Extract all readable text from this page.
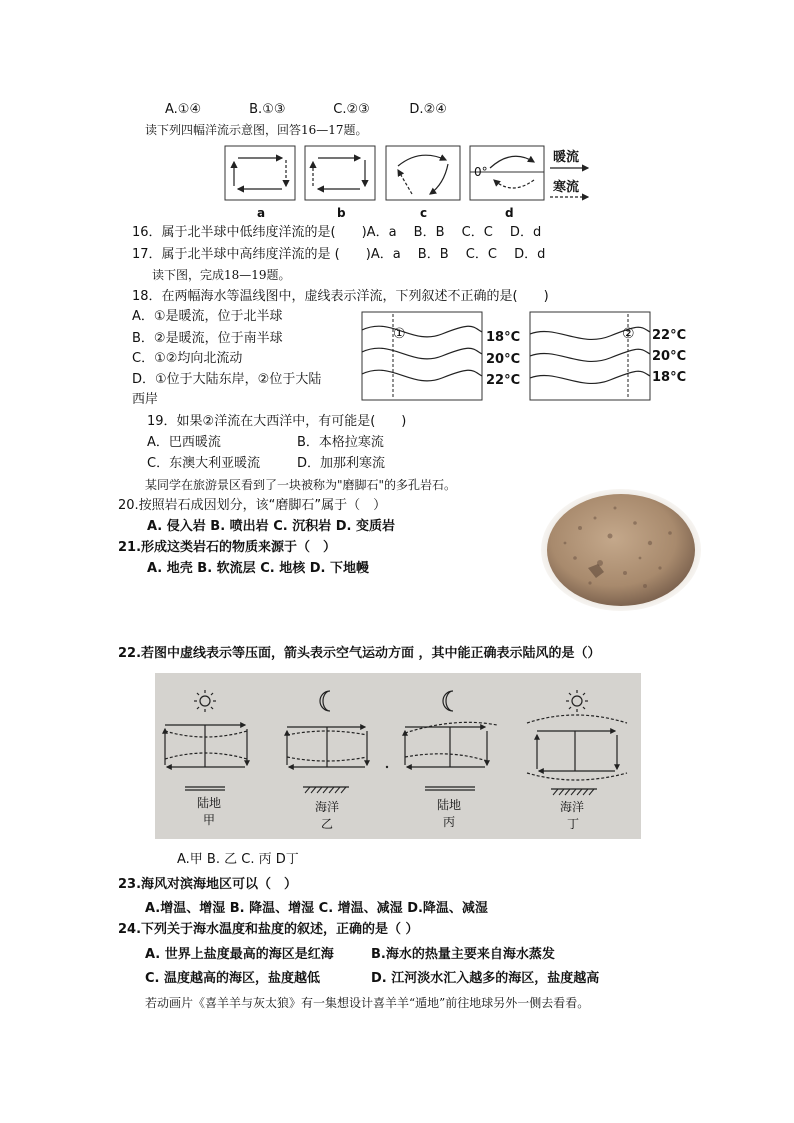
A.①④	B.①③	C.②③	D.②④
读下列四幅洋流示意图，回答16—17题。
0°
暖流
寒流
a	b	c	d
16．属于北半球中低纬度洋流的是(　　)A．a　 B．B　 C．C　 D．d
17．属于北半球中高纬度洋流的是 (　　)A．a　 B．B　 C．C　 D．d
读下图，完成18—19题。
18．在两幅海水等温线图中，虚线表示洋流，下列叙述不正确的是(　　)
A．①是暖流，位于北半球
B．②是暖流，位于南半球
C．①②均向北流动
D．①位于大陆东岸，②位于大陆
西岸
①	18°C
20°C
22°C
② 22°C
20°C
18°C
19．如果②洋流在大西洋中，有可能是(　　)
A．巴西暖流	B．本格拉寒流
C．东澳大利亚暖流	D．加那利寒流
某同学在旅游景区看到了一块被称为"磨脚石"的多孔岩石。
20.按照岩石成因划分，该“磨脚石”属于（　）
A. 侵入岩 B. 喷出岩 C. 沉积岩 D. 变质岩
21.形成这类岩石的物质来源于（　）
A. 地壳 B. 软流层 C. 地核 D. 下地幔
22.若图中虚线表示等压面，箭头表示空气运动方面 ，其中能正确表示陆风的是（）
陆地
甲
海洋
乙
陆地
丙
海洋
丁
A.甲 B. 乙 C. 丙 D丁
23.海风对滨海地区可以（　）
A.增温、增湿 B. 降温、增湿 C. 增温、减湿 D.降温、减湿
24.下列关于海水温度和盐度的叙述，正确的是（ ）
A. 世界上盐度最高的海区是红海	B.海水的热量主要来自海水蒸发
C. 温度越高的海区，盐度越低	D. 江河淡水汇入越多的海区，盐度越高
若动画片《喜羊羊与灰太狼》有一集想设计喜羊羊“遁地”前往地球另外一侧去看看。
